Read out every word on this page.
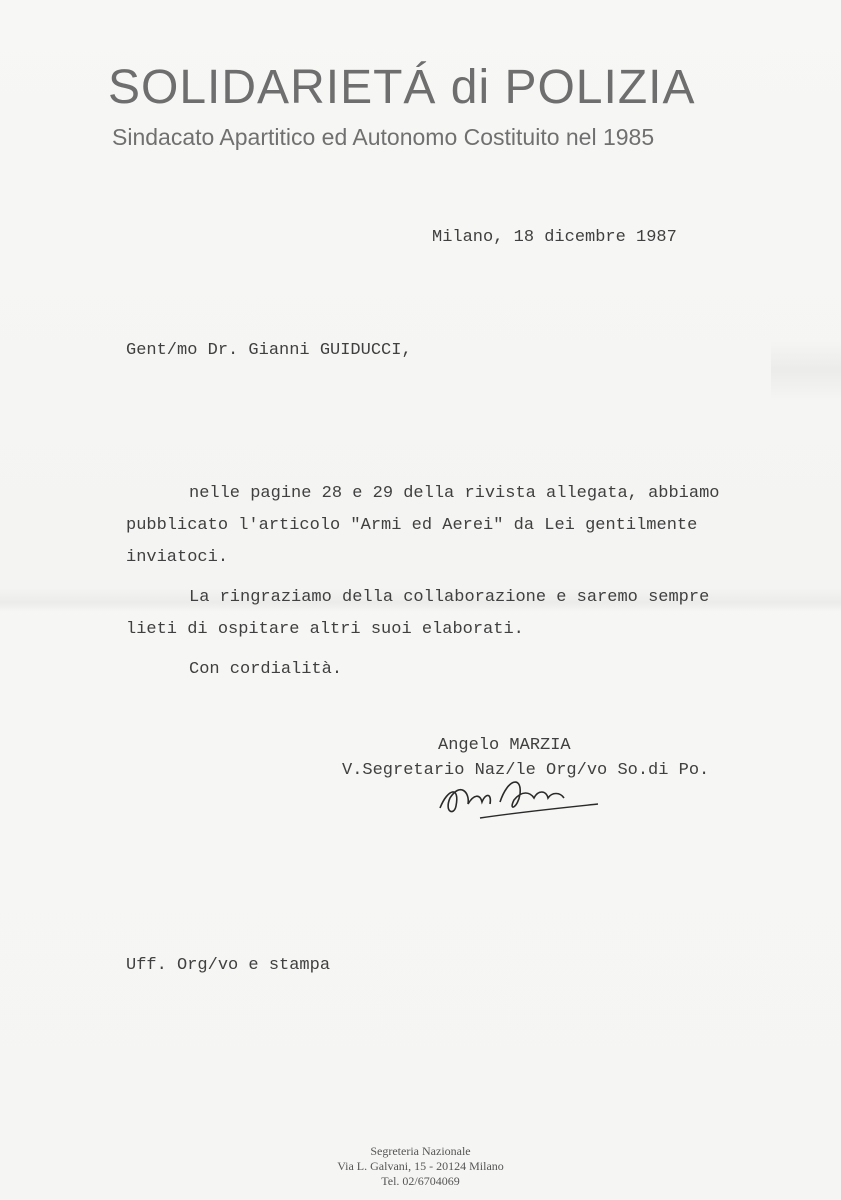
SOLIDARIETÁ di POLIZIA
Sindacato Apartitico ed Autonomo Costituito nel 1985
Milano, 18 dicembre 1987
Gent/mo Dr. Gianni GUIDUCCI,
nelle pagine 28 e 29 della rivista allegata, abbiamo
pubblicato l'articolo "Armi ed Aerei" da Lei gentilmente
inviatoci.
La ringraziamo della collaborazione e saremo sempre
lieti di ospitare altri suoi elaborati.
Con cordialità.
Angelo MARZIA
V.Segretario Naz/le Org/vo So.di Po.
Uff. Org/vo e stampa
Segreteria Nazionale
Via L. Galvani, 15 - 20124 Milano
Tel. 02/6704069
